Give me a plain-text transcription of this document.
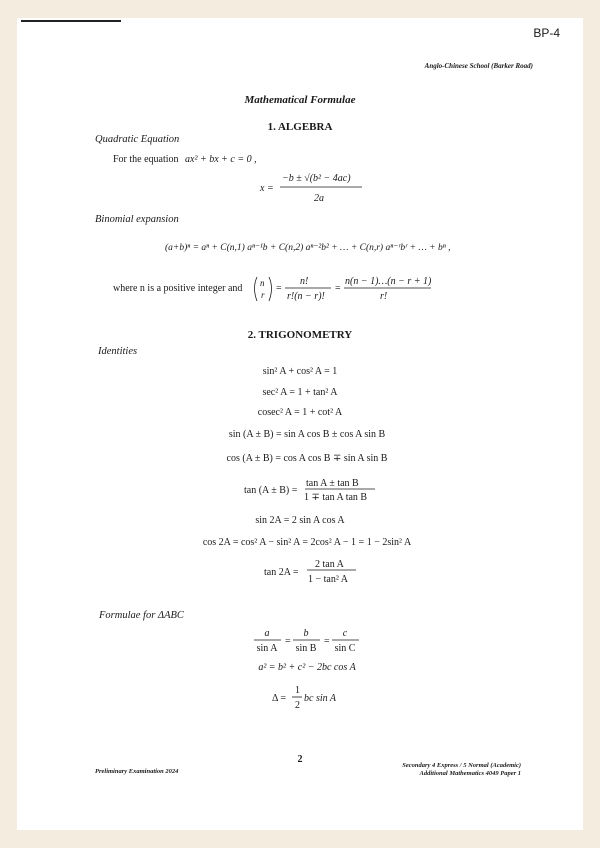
BP-4
Anglo-Chinese School (Barker Road)
Mathematical Formulae
1. ALGEBRA
Quadratic Equation
For the equation ax² + bx + c = 0 ,
x =
−b ± √(b² − 4ac)
2a
Binomial expansion
(a+b)ⁿ = aⁿ + C(n,1) aⁿ⁻¹b + C(n,2) aⁿ⁻²b² + … + C(n,r) aⁿ⁻ʳbʳ + … + bⁿ ,
where n is a positive integer and n
r
=
n!
r!(n − r)!
=
n(n − 1)…(n − r + 1)
r!
Identities
sin² A + cos² A = 1
sec² A = 1 + tan² A
cosec² A = 1 + cot² A
sin (A ± B) = sin A cos B ± cos A sin B
cos (A ± B) = cos A cos B ∓ sin A sin B
tan (A ± B) =
tan A ± tan B
1 ∓ tan A tan B
sin 2A = 2 sin A cos A
cos 2A = cos² A − sin² A = 2cos² A − 1 = 1 − 2sin² A
tan 2A =
2 tan A
1 − tan² A
Formulae for ΔABC
a
sin A
=
b
sin B
=
c
sin C
a² = b² + c² − 2bc cos A
Δ =
1
2
bc sin A
2. TRIGONOMETRY
2
Preliminary Examination 2024
Secondary 4 Express / 5 Normal (Academic)
Additional Mathematics 4049 Paper 1
